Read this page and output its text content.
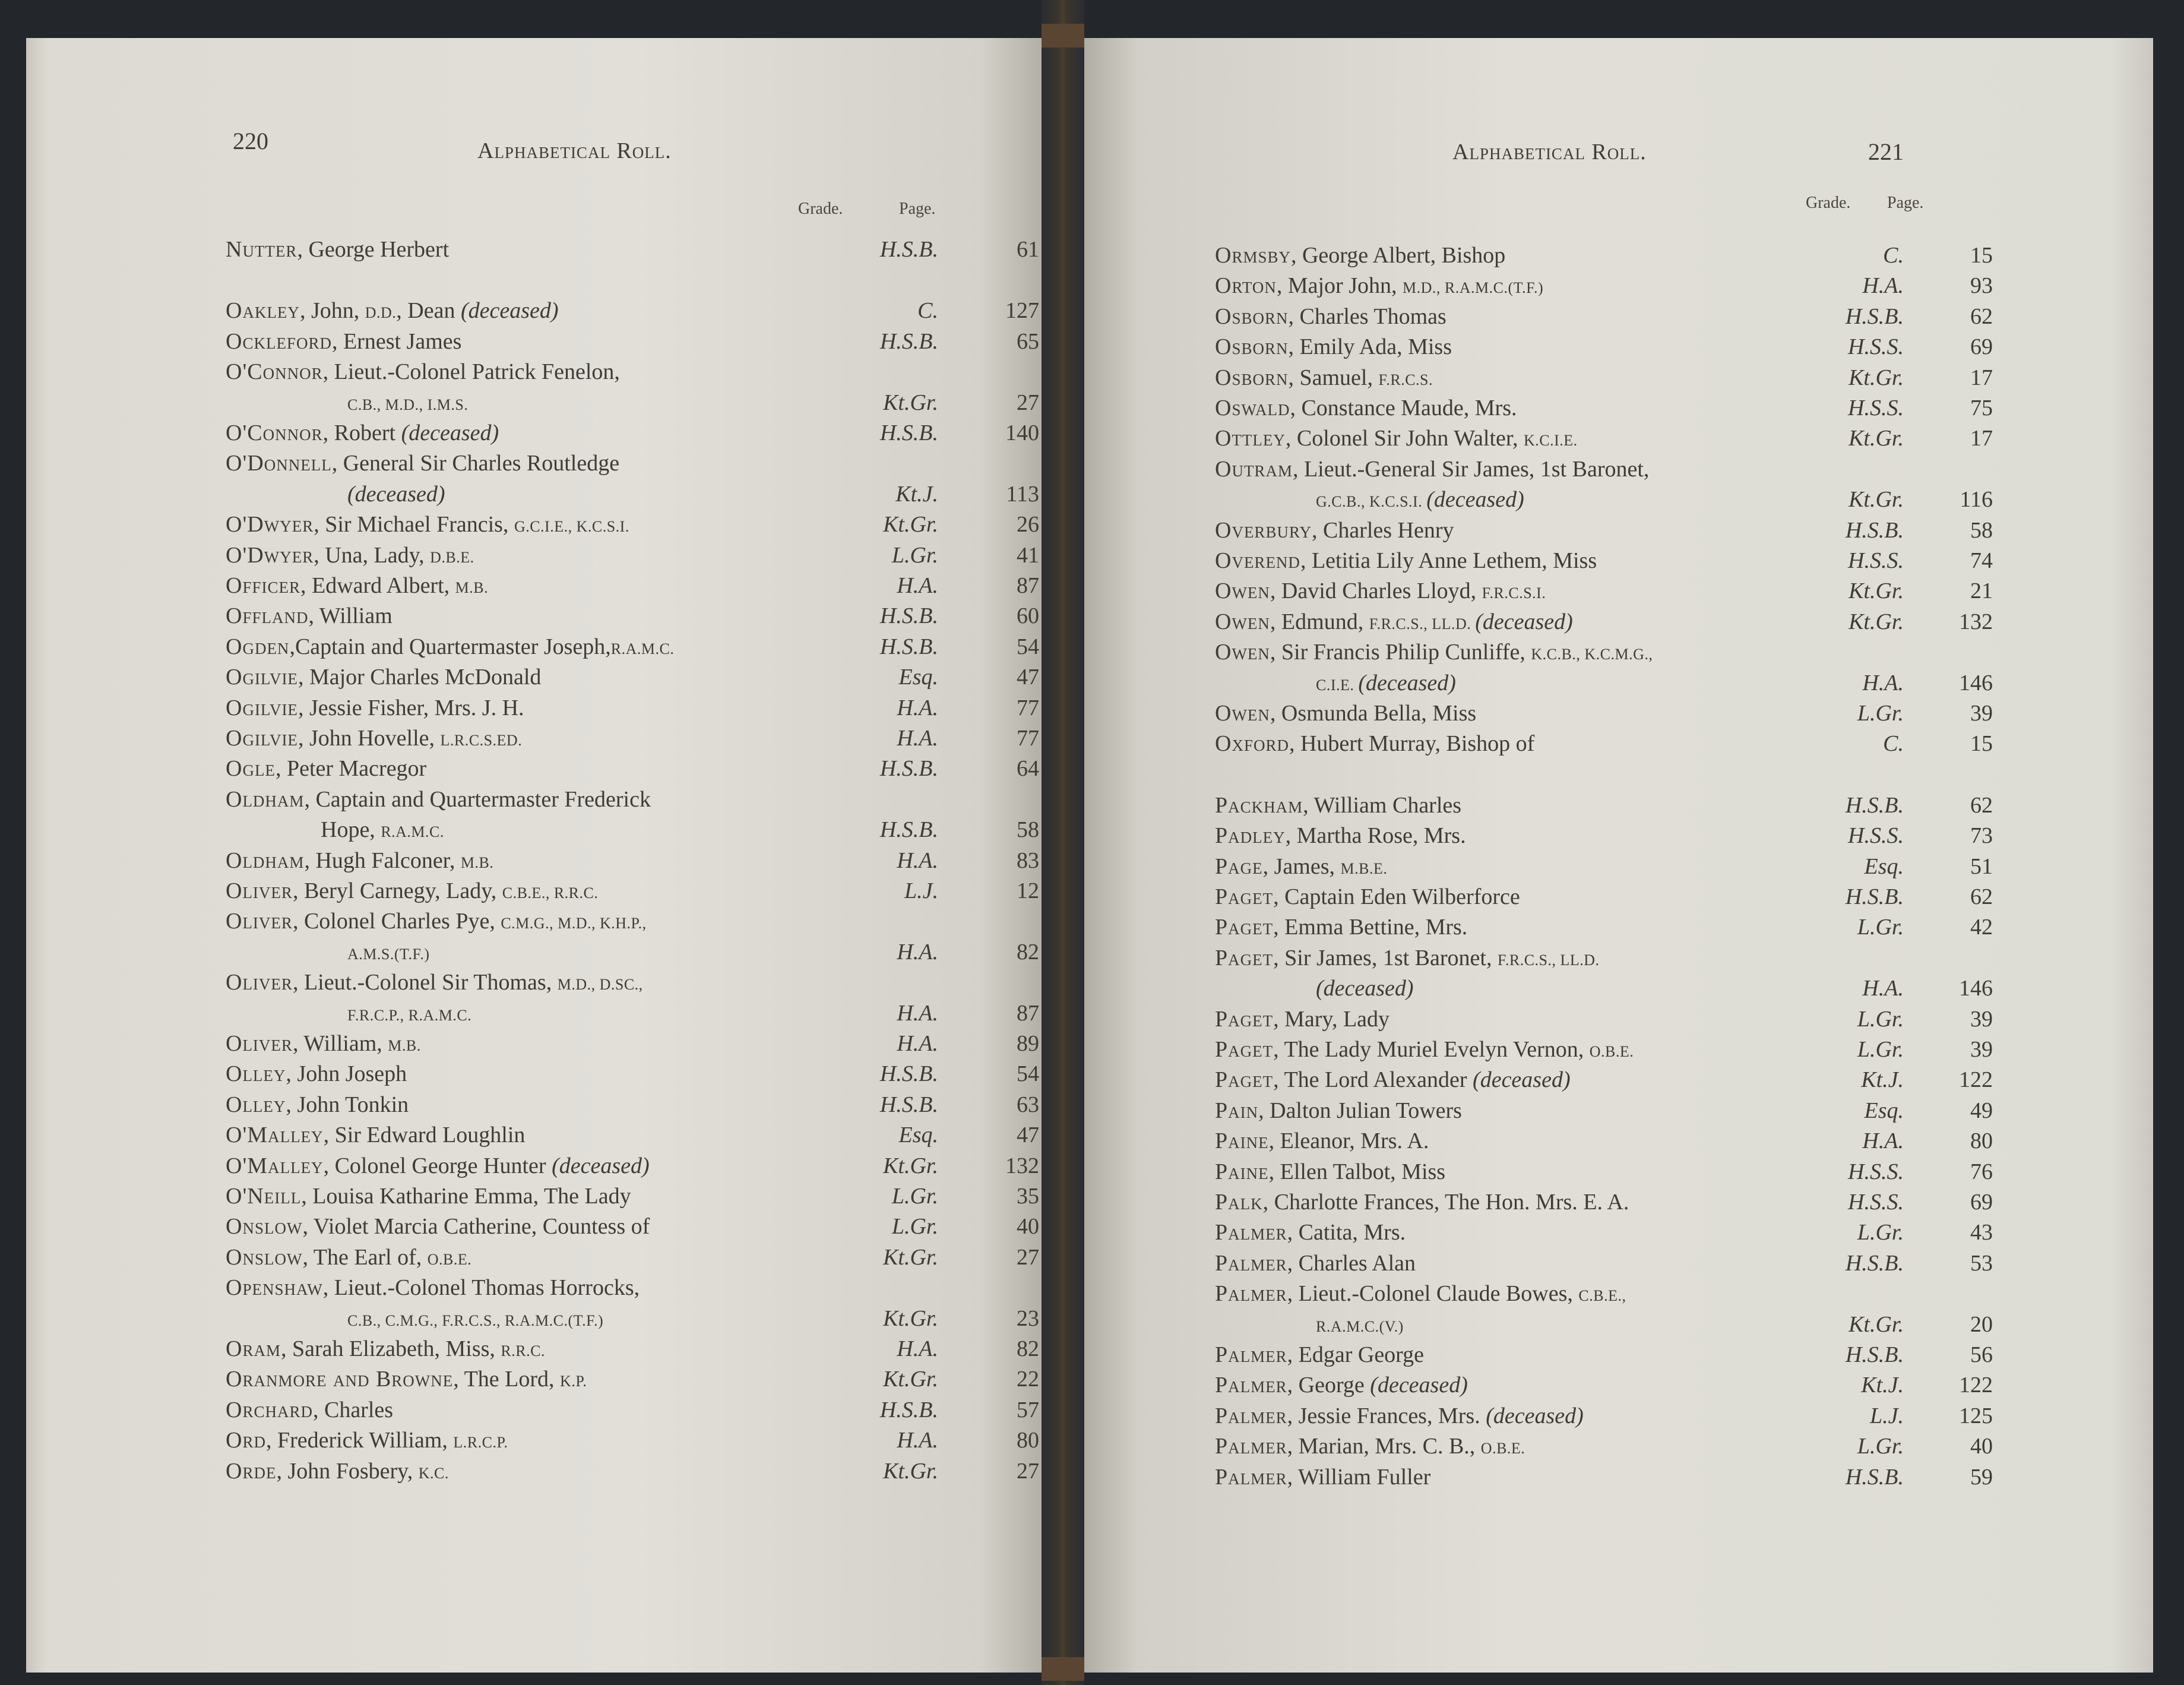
220	Alphabetical Roll.
Grade.	Page.
Nutter, George Herbert	H.S.B.	61
Oakley, John, D.D., Dean (deceased)	C.	127
Ockleford, Ernest James	H.S.B.	65
O'Connor, Lieut.-Colonel Patrick Fenelon,
C.B., M.D., I.M.S.	Kt.Gr.	27
O'Connor, Robert (deceased)	H.S.B.	140
O'Donnell, General Sir Charles Routledge
(deceased)	Kt.J.	113
O'Dwyer, Sir Michael Francis, G.C.I.E., K.C.S.I.	Kt.Gr.	26
O'Dwyer, Una, Lady, D.B.E.	L.Gr.	41
Officer, Edward Albert, M.B.	H.A.	87
Offland, William	H.S.B.	60
Ogden,Captain and Quartermaster Joseph,R.A.M.C.	H.S.B.	54
Ogilvie, Major Charles McDonald	Esq.	47
Ogilvie, Jessie Fisher, Mrs. J. H.	H.A.	77
Ogilvie, John Hovelle, L.R.C.S.ED.	H.A.	77
Ogle, Peter Macregor	H.S.B.	64
Oldham, Captain and Quartermaster Frederick
Hope, R.A.M.C.	H.S.B.	58
Oldham, Hugh Falconer, M.B.	H.A.	83
Oliver, Beryl Carnegy, Lady, C.B.E., R.R.C.	L.J.	12
Oliver, Colonel Charles Pye, C.M.G., M.D., K.H.P.,
A.M.S.(T.F.)	H.A.	82
Oliver, Lieut.-Colonel Sir Thomas, M.D., D.SC.,
F.R.C.P., R.A.M.C.	H.A.	87
Oliver, William, M.B.	H.A.	89
Olley, John Joseph	H.S.B.	54
Olley, John Tonkin	H.S.B.	63
O'Malley, Sir Edward Loughlin	Esq.	47
O'Malley, Colonel George Hunter (deceased)	Kt.Gr.	132
O'Neill, Louisa Katharine Emma, The Lady	L.Gr.	35
Onslow, Violet Marcia Catherine, Countess of	L.Gr.	40
Onslow, The Earl of, O.B.E.	Kt.Gr.	27
Openshaw, Lieut.-Colonel Thomas Horrocks,
C.B., C.M.G., F.R.C.S., R.A.M.C.(T.F.)	Kt.Gr.	23
Oram, Sarah Elizabeth, Miss, R.R.C.	H.A.	82
Oranmore and Browne, The Lord, K.P.	Kt.Gr.	22
Orchard, Charles	H.S.B.	57
Ord, Frederick William, L.R.C.P.	H.A.	80
Orde, John Fosbery, K.C.	Kt.Gr.	27
Alphabetical Roll.	221
Grade. Page.
Ormsby, George Albert, Bishop	C.	15
Orton, Major John, M.D., R.A.M.C.(T.F.)	H.A.	93
Osborn, Charles Thomas	H.S.B.	62
Osborn, Emily Ada, Miss	H.S.S.	69
Osborn, Samuel, F.R.C.S.	Kt.Gr.	17
Oswald, Constance Maude, Mrs.	H.S.S.	75
Ottley, Colonel Sir John Walter, K.C.I.E.	Kt.Gr.	17
Outram, Lieut.-General Sir James, 1st Baronet,
G.C.B., K.C.S.I. (deceased)	Kt.Gr.	116
Overbury, Charles Henry	H.S.B.	58
Overend, Letitia Lily Anne Lethem, Miss	H.S.S.	74
Owen, David Charles Lloyd, F.R.C.S.I.	Kt.Gr.	21
Owen, Edmund, F.R.C.S., LL.D. (deceased)	Kt.Gr.	132
Owen, Sir Francis Philip Cunliffe, K.C.B., K.C.M.G.,
C.I.E. (deceased)	H.A.	146
Owen, Osmunda Bella, Miss	L.Gr.	39
Oxford, Hubert Murray, Bishop of	C.	15
Packham, William Charles	H.S.B.	62
Padley, Martha Rose, Mrs.	H.S.S.	73
Page, James, M.B.E.	Esq.	51
Paget, Captain Eden Wilberforce	H.S.B.	62
Paget, Emma Bettine, Mrs.	L.Gr.	42
Paget, Sir James, 1st Baronet, F.R.C.S., LL.D.
(deceased)	H.A.	146
Paget, Mary, Lady	L.Gr.	39
Paget, The Lady Muriel Evelyn Vernon, O.B.E.	L.Gr.	39
Paget, The Lord Alexander (deceased)	Kt.J.	122
Pain, Dalton Julian Towers	Esq.	49
Paine, Eleanor, Mrs. A.	H.A.	80
Paine, Ellen Talbot, Miss	H.S.S.	76
Palk, Charlotte Frances, The Hon. Mrs. E. A.	H.S.S.	69
Palmer, Catita, Mrs.	L.Gr.	43
Palmer, Charles Alan	H.S.B.	53
Palmer, Lieut.-Colonel Claude Bowes, C.B.E.,
R.A.M.C.(V.)	Kt.Gr.	20
Palmer, Edgar George	H.S.B.	56
Palmer, George (deceased)	Kt.J.	122
Palmer, Jessie Frances, Mrs. (deceased)	L.J.	125
Palmer, Marian, Mrs. C. B., O.B.E.	L.Gr.	40
Palmer, William Fuller	H.S.B.	59
